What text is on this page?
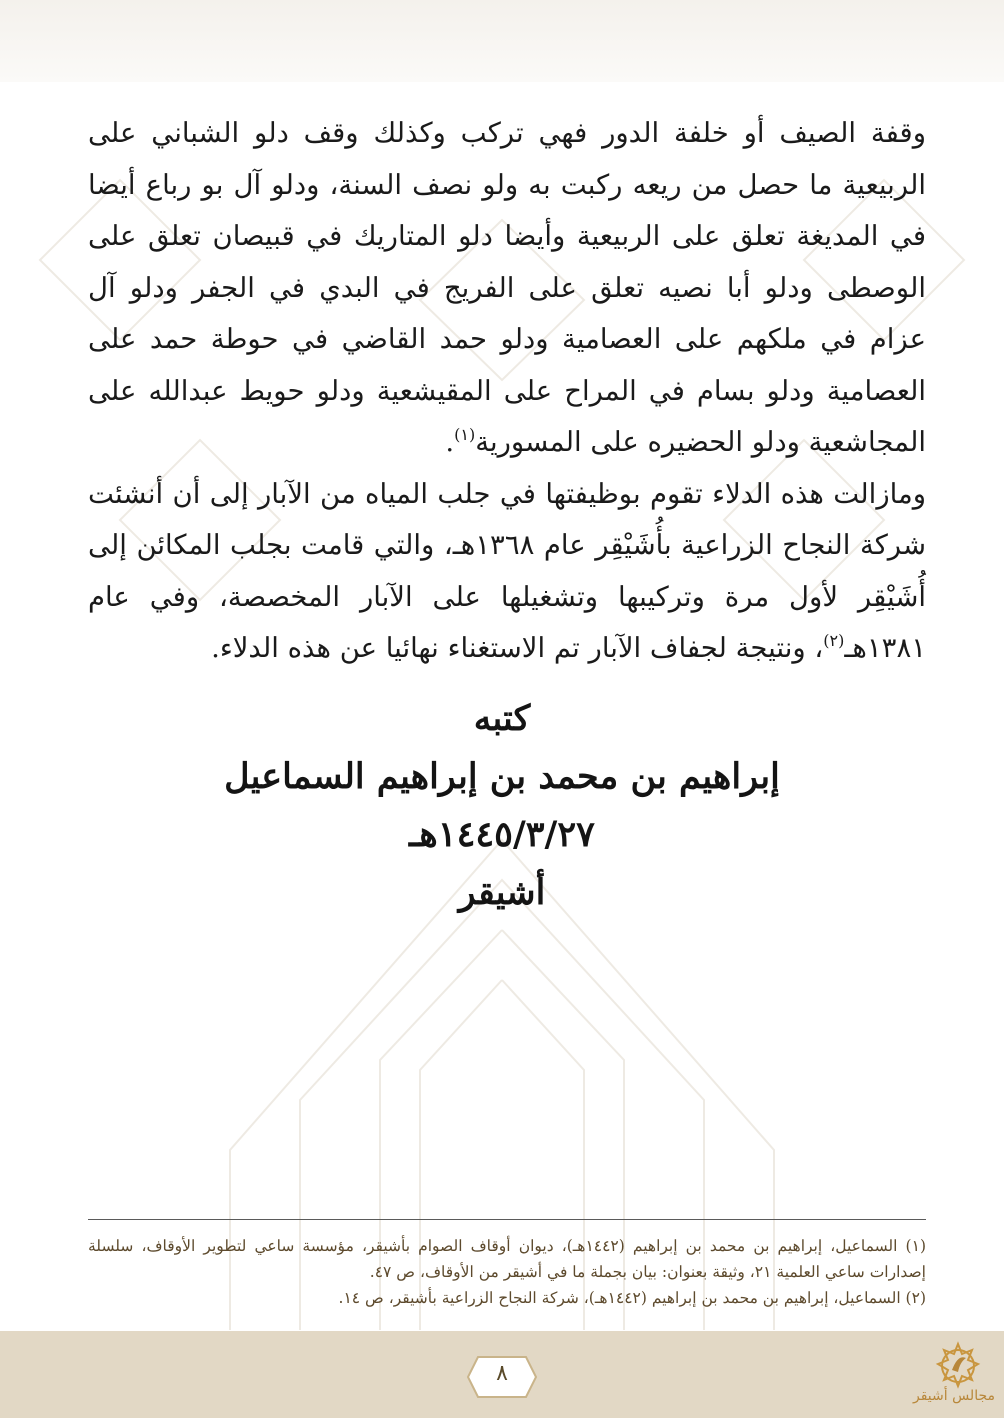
وقفة الصيف أو خلفة الدور فهي تركب وكذلك وقف دلو الشباني على الربيعية ما حصل من ريعه ركبت به ولو نصف السنة، ودلو آل بو رباع أيضا في المديغة تعلق على الربيعية وأيضا دلو المتاريك في قبيصان تعلق على الوصطى ودلو أبا نصيه تعلق على الفريج في البدي في الجفر ودلو آل عزام في ملكهم على العصامية ودلو حمد القاضي في حوطة حمد على العصامية ودلو بسام في المراح على المقيشعية ودلو حويط عبدالله على المجاشعية ودلو الحضيره على المسورية$^{(١)}$.

ومازالت هذه الدلاء تقوم بوظيفتها في جلب المياه من الآبار إلى أن أنشئت شركة النجاح الزراعية بأُشَيْقِر عام ١٣٦٨هـ، والتي قامت بجلب المكائن إلى أُشَيْقِر لأول مرة وتركيبها وتشغيلها على الآبار المخصصة، وفي عام ١٣٨١هـ$^{(٢)}$، ونتيجة لجفاف الآبار تم الاستغناء نهائيا عن هذه الدلاء.

كتبه
إبراهيم بن محمد بن إبراهيم السماعيل
١٤٤٥/٣/٢٧هـ
أشيقر

(١) السماعيل، إبراهيم بن محمد بن إبراهيم (١٤٤٢هـ)، ديوان أوقاف الصوام بأشيقر، مؤسسة ساعي لتطوير الأوقاف، سلسلة إصدارات ساعي العلمية ٢١، وثيقة بعنوان: بيان بجملة ما في أشيقر من الأوقاف، ص ٤٧.

(٢) السماعيل، إبراهيم بن محمد بن إبراهيم (١٤٤٢هـ)، شركة النجاح الزراعية بأشيقر، ص ١٤.

٨
مجالس أشيقر
